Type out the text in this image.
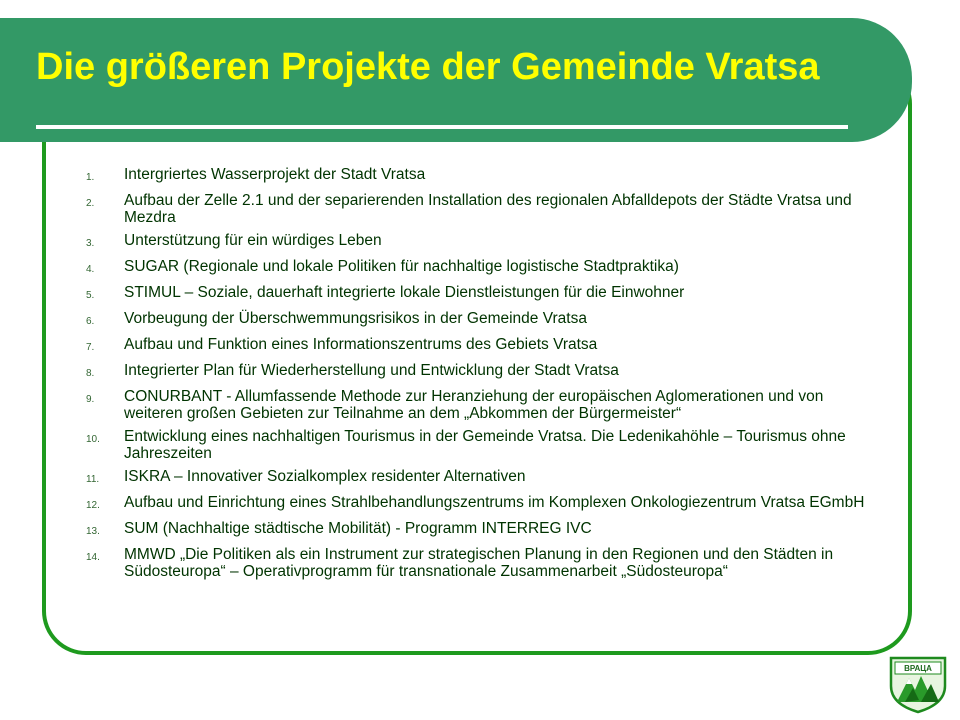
Die größeren Projekte der Gemeinde Vratsa
1.	Intergriertes Wasserprojekt der Stadt Vratsa
2.	Aufbau der Zelle 2.1 und der separierenden Installation des regionalen Abfalldepots der Städte Vratsa und Mezdra
3.	Unterstützung für ein würdiges Leben
4.	SUGAR (Regionale und lokale Politiken für nachhaltige logistische Stadtpraktika)
5.	STIMUL – Soziale, dauerhaft integrierte lokale Dienstleistungen für die Einwohner
6.	Vorbeugung der Überschwemmungsrisikos in der Gemeinde Vratsa
7.	Aufbau und Funktion eines Informationszentrums des Gebiets Vratsa
8.	Integrierter Plan für Wiederherstellung und Entwicklung der Stadt Vratsa
9.	CONURBANT - Allumfassende Methode zur Heranziehung der europäischen Aglomerationen und von weiteren großen Gebieten zur Teilnahme an dem „Abkommen der Bürgermeister“
10.	Entwicklung eines nachhaltigen Tourismus in der Gemeinde Vratsa. Die Ledenikahöhle – Tourismus ohne Jahreszeiten
11.	ISKRA – Innovativer Sozialkomplex residenter Alternativen
12.	Aufbau und Einrichtung eines Strahlbehandlungszentrums im Komplexen Onkologiezentrum Vratsa EGmbH
13.	SUM (Nachhaltige städtische Mobilität) - Programm INTERREG IVC
14.	MMWD „Die Politiken als ein Instrument zur strategischen Planung in den Regionen und den Städten in Südosteuropa“ – Operativprogramm für transnationale Zusammenarbeit „Südosteuropa“
ВРАЦА
